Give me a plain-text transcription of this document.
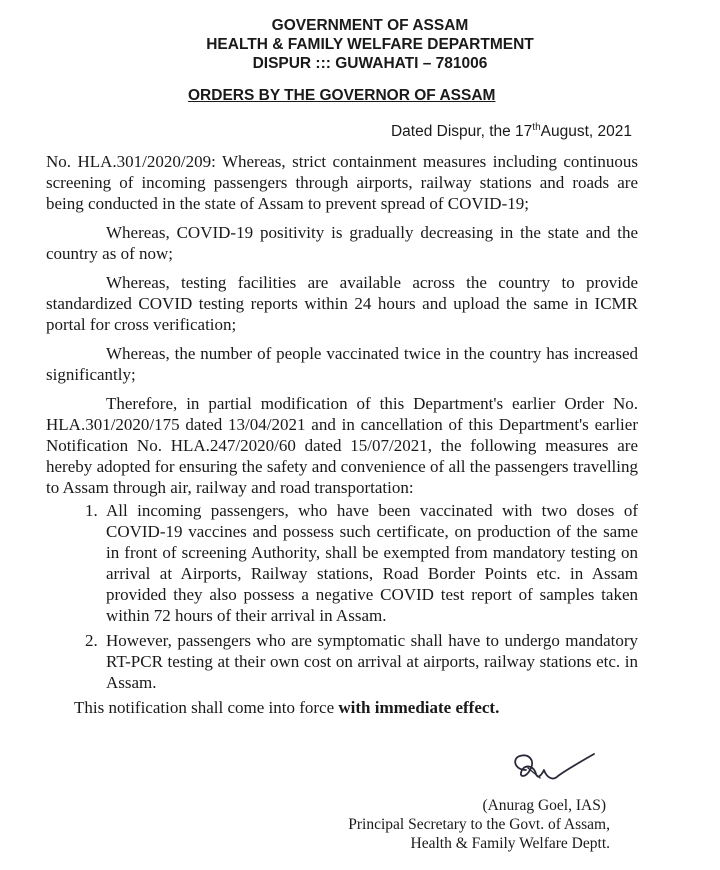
GOVERNMENT OF ASSAM
HEALTH & FAMILY WELFARE DEPARTMENT
DISPUR ::: GUWAHATI – 781006
ORDERS BY THE GOVERNOR OF ASSAM
Dated Dispur, the 17thAugust, 2021

No. HLA.301/2020/209: Whereas, strict containment measures including continuous screening of incoming passengers through airports, railway stations and roads are being conducted in the state of Assam to prevent spread of COVID-19;

Whereas, COVID-19 positivity is gradually decreasing in the state and the country as of now;

Whereas, testing facilities are available across the country to provide standardized COVID testing reports within 24 hours and upload the same in ICMR portal for cross verification;

Whereas, the number of people vaccinated twice in the country has increased significantly;

Therefore, in partial modification of this Department's earlier Order No. HLA.301/2020/175 dated 13/04/2021 and in cancellation of this Department's earlier Notification No. HLA.247/2020/60 dated 15/07/2021, the following measures are hereby adopted for ensuring the safety and convenience of all the passengers travelling to Assam through air, railway and road transportation:

1. All incoming passengers, who have been vaccinated with two doses of COVID-19 vaccines and possess such certificate, on production of the same in front of screening Authority, shall be exempted from mandatory testing on arrival at Airports, Railway stations, Road Border Points etc. in Assam provided they also possess a negative COVID test report of samples taken within 72 hours of their arrival in Assam.
2. However, passengers who are symptomatic shall have to undergo mandatory RT-PCR testing at their own cost on arrival at airports, railway stations etc. in Assam.

This notification shall come into force with immediate effect.

(Anurag Goel, IAS)
Principal Secretary to the Govt. of Assam,
Health & Family Welfare Deptt.
